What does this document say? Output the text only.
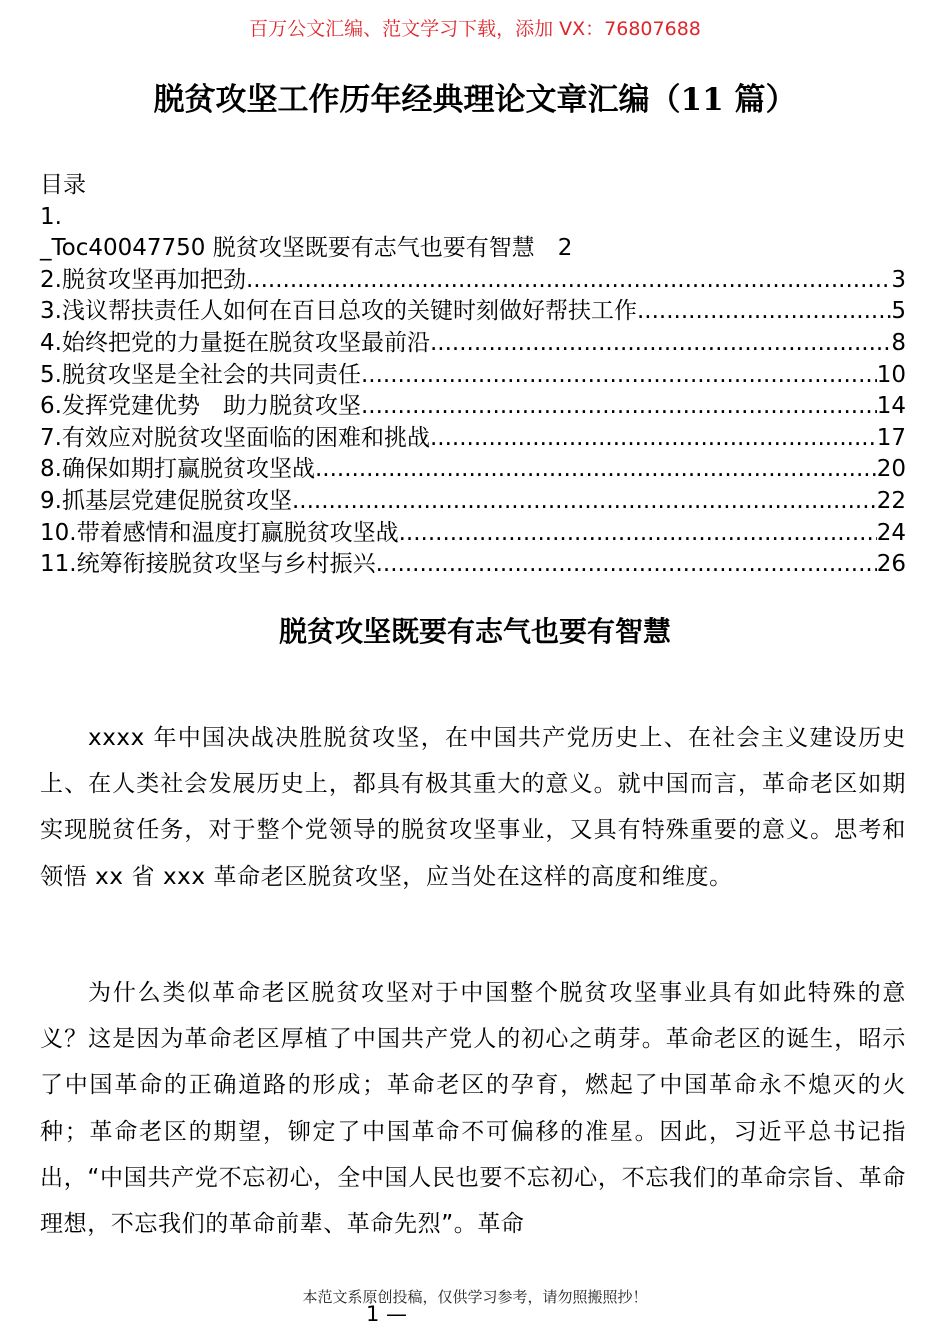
百万公文汇编、范文学习下载，添加 VX：76807688
脱贫攻坚工作历年经典理论文章汇编（11 篇）
目录
1.
_Toc40047750 脱贫攻坚既要有志气也要有智慧　2
2.脱贫攻坚再加把劲 .....	3
3.浅议帮扶责任人如何在百日总攻的关键时刻做好帮扶工作 .....	5
4.始终把党的力量挺在脱贫攻坚最前沿 .....	8
5.脱贫攻坚是全社会的共同责任 .....	10
6.发挥党建优势　助力脱贫攻坚 .....	14
7.有效应对脱贫攻坚面临的困难和挑战 .....	17
8.确保如期打赢脱贫攻坚战 .....	20
9.抓基层党建促脱贫攻坚 .....	22
10.带着感情和温度打赢脱贫攻坚战 .....	24
11.统筹衔接脱贫攻坚与乡村振兴 .....	26
脱贫攻坚既要有志气也要有智慧
xxxx 年中国决战决胜脱贫攻坚，在中国共产党历史上、在社会主义建设历史上、在人类社会发展历史上，都具有极其重大的意义。就中国而言，革命老区如期实现脱贫任务，对于整个党领导的脱贫攻坚事业，又具有特殊重要的意义。思考和领悟 xx 省 xxx 革命老区脱贫攻坚，应当处在这样的高度和维度。
为什么类似革命老区脱贫攻坚对于中国整个脱贫攻坚事业具有如此特殊的意义？这是因为革命老区厚植了中国共产党人的初心之萌芽。革命老区的诞生，昭示了中国革命的正确道路的形成；革命老区的孕育，燃起了中国革命永不熄灭的火种；革命老区的期望，铆定了中国革命不可偏移的准星。因此，习近平总书记指出，“中国共产党不忘初心，全中国人民也要不忘初心，不忘我们的革命宗旨、革命理想，不忘我们的革命前辈、革命先烈”。革命
本范文系原创投稿，仅供学习参考，请勿照搬照抄！
1 —
